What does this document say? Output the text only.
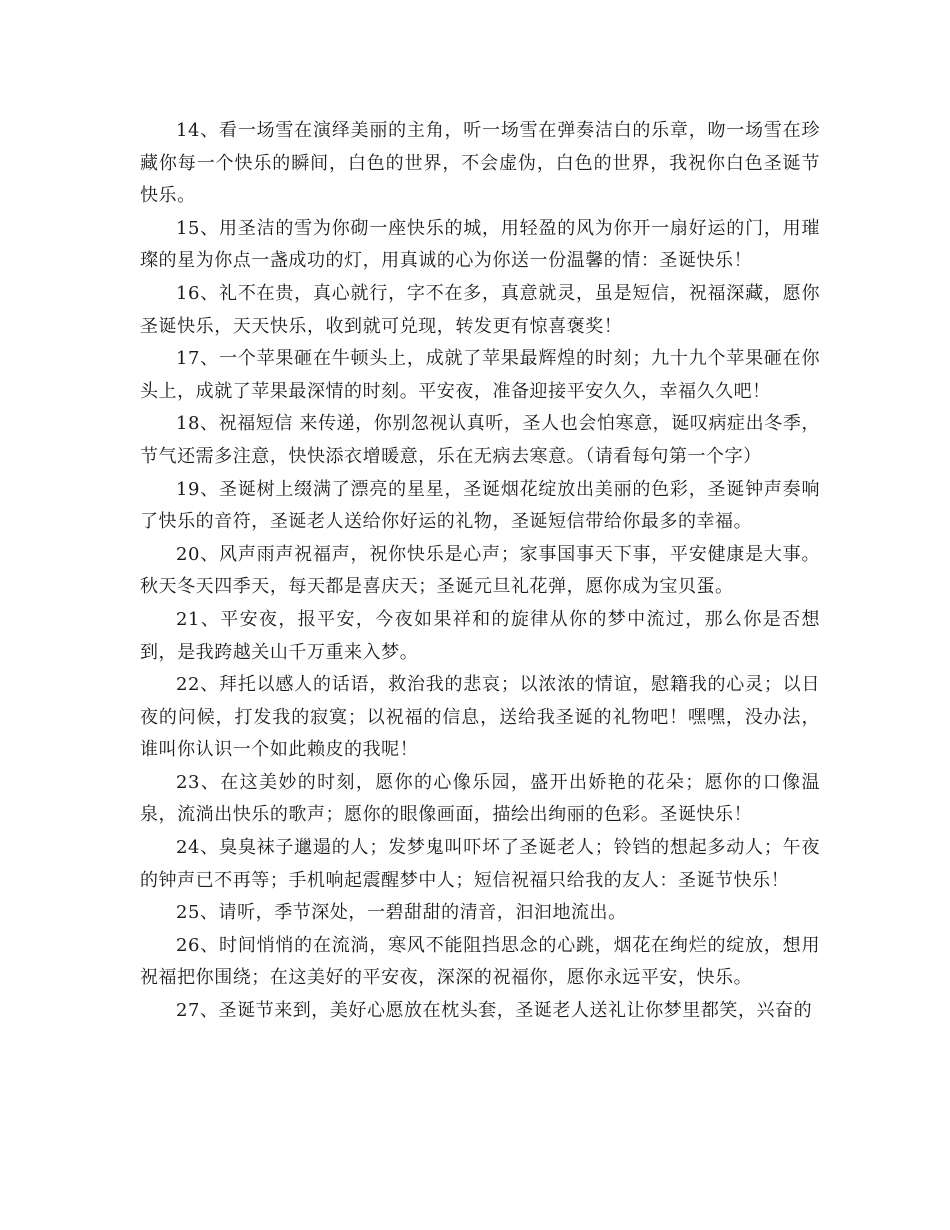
14、看一场雪在演绎美丽的主角，听一场雪在弹奏洁白的乐章，吻一场雪在珍藏你每一个快乐的瞬间，白色的世界，不会虚伪，白色的世界，我祝你白色圣诞节快乐。

15、用圣洁的雪为你砌一座快乐的城，用轻盈的风为你开一扇好运的门，用璀璨的星为你点一盏成功的灯，用真诚的心为你送一份温馨的情：圣诞快乐！

16、礼不在贵，真心就行，字不在多，真意就灵，虽是短信，祝福深藏，愿你圣诞快乐，天天快乐，收到就可兑现，转发更有惊喜褒奖！

17、一个苹果砸在牛顿头上，成就了苹果最辉煌的时刻；九十九个苹果砸在你头上，成就了苹果最深情的时刻。平安夜，准备迎接平安久久，幸福久久吧！

18、祝福短信 来传递，你别忽视认真听，圣人也会怕寒意，诞叹病症出冬季，节气还需多注意，快快添衣增暖意，乐在无病去寒意。（请看每句第一个字）

19、圣诞树上缀满了漂亮的星星，圣诞烟花绽放出美丽的色彩，圣诞钟声奏响了快乐的音符，圣诞老人送给你好运的礼物，圣诞短信带给你最多的幸福。

20、风声雨声祝福声，祝你快乐是心声；家事国事天下事，平安健康是大事。秋天冬天四季天，每天都是喜庆天；圣诞元旦礼花弹，愿你成为宝贝蛋。

21、平安夜，报平安，今夜如果祥和的旋律从你的梦中流过，那么你是否想到，是我跨越关山千万重来入梦。

22、拜托以感人的话语，救治我的悲哀；以浓浓的情谊，慰籍我的心灵；以日夜的问候，打发我的寂寞；以祝福的信息，送给我圣诞的礼物吧！嘿嘿，没办法，谁叫你认识一个如此赖皮的我呢！

23、在这美妙的时刻，愿你的心像乐园，盛开出娇艳的花朵；愿你的口像温泉，流淌出快乐的歌声；愿你的眼像画面，描绘出绚丽的色彩。圣诞快乐！

24、臭臭袜子邋遢的人；发梦鬼叫吓坏了圣诞老人；铃铛的想起多动人；午夜的钟声已不再等；手机响起震醒梦中人；短信祝福只给我的友人：圣诞节快乐！

25、请听，季节深处，一碧甜甜的清音，汩汩地流出。

26、时间悄悄的在流淌，寒风不能阻挡思念的心跳，烟花在绚烂的绽放，想用祝福把你围绕；在这美好的平安夜，深深的祝福你，愿你永远平安，快乐。

27、圣诞节来到，美好心愿放在枕头套，圣诞老人送礼让你梦里都笑，兴奋的
